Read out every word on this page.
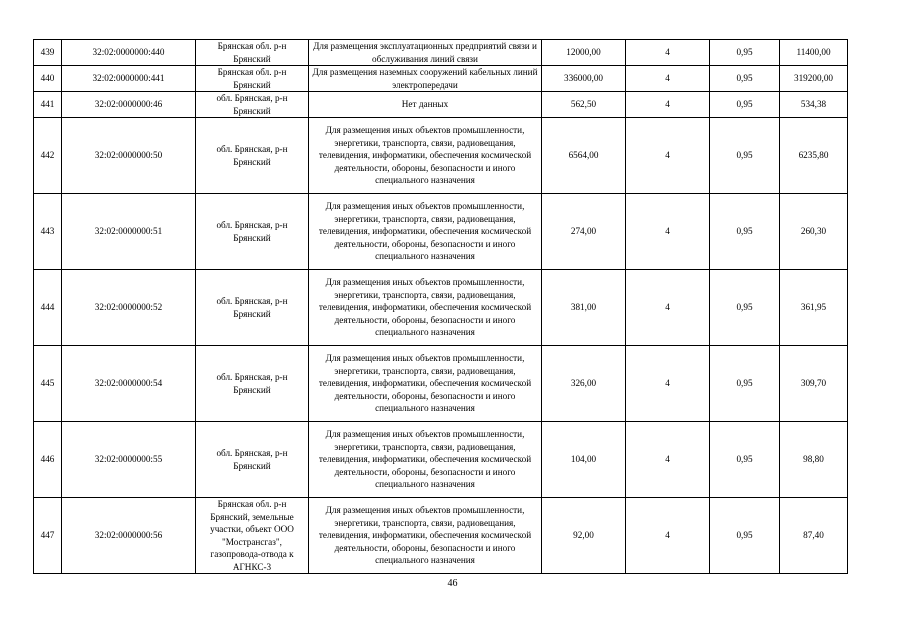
439	32:02:0000000:440	Брянская обл. р-н Брянский	Для размещения эксплуатационных предприятий связи и обслуживания линий связи	12000,00	4	0,95	11400,00
440	32:02:0000000:441	Брянская обл. р-н Брянский	Для размещения наземных сооружений кабельных линий электропередачи	336000,00	4	0,95	319200,00
441	32:02:0000000:46	обл. Брянская, р-н Брянский	Нет данных	562,50	4	0,95	534,38
442	32:02:0000000:50	обл. Брянская, р-н Брянский	Для размещения иных объектов промышленности, энергетики, транспорта, связи, радиовещания, телевидения, информатики, обеспечения космической деятельности, обороны, безопасности и иного специального назначения	6564,00	4	0,95	6235,80
443	32:02:0000000:51	обл. Брянская, р-н Брянский	Для размещения иных объектов промышленности, энергетики, транспорта, связи, радиовещания, телевидения, информатики, обеспечения космической деятельности, обороны, безопасности и иного специального назначения	274,00	4	0,95	260,30
444	32:02:0000000:52	обл. Брянская, р-н Брянский	Для размещения иных объектов промышленности, энергетики, транспорта, связи, радиовещания, телевидения, информатики, обеспечения космической деятельности, обороны, безопасности и иного специального назначения	381,00	4	0,95	361,95
445	32:02:0000000:54	обл. Брянская, р-н Брянский	Для размещения иных объектов промышленности, энергетики, транспорта, связи, радиовещания, телевидения, информатики, обеспечения космической деятельности, обороны, безопасности и иного специального назначения	326,00	4	0,95	309,70
446	32:02:0000000:55	обл. Брянская, р-н Брянский	Для размещения иных объектов промышленности, энергетики, транспорта, связи, радиовещания, телевидения, информатики, обеспечения космической деятельности, обороны, безопасности и иного специального назначения	104,00	4	0,95	98,80
447	32:02:0000000:56	Брянская обл. р-н Брянский, земельные участки, объект ООО "Мострансгаз", газопровода-отвода к АГНКС-3	Для размещения иных объектов промышленности, энергетики, транспорта, связи, радиовещания, телевидения, информатики, обеспечения космической деятельности, обороны, безопасности и иного специального назначения	92,00	4	0,95	87,40
46
